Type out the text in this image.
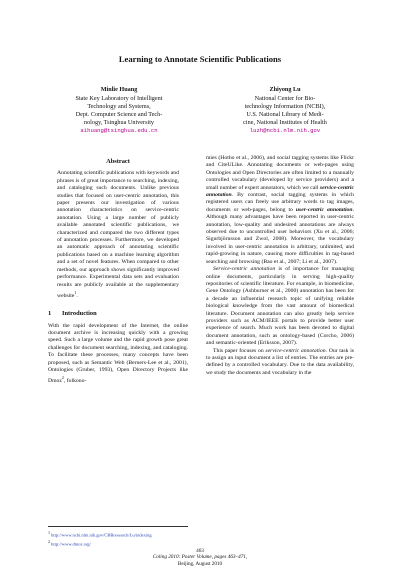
Learning to Annotate Scientific Publications
Minlie Huang
State Key Laboratory of Intelligent
Technology and Systems,
Dept. Computer Science and Tech-
nology, Tsinghua University
aihuang@tsinghua.edu.cn
Zhiyong Lu
National Center for Bio-
technology Information (NCBI),
U.S. National Library of Medi-
cine, National Institutes of Health
luzh@ncbi.nlm.nih.gov
Abstract

Annotating scientific publications with keywords and phrases is of great importance to searching, indexing, and cataloging such documents. Unlike previous studies that focused on user-centric annotation, this paper presents our investigation of various annotation characteristics on service-centric annotation. Using a large number of publicly available annotated scientific publications, we characterized and compared the two different types of annotation processes. Furthermore, we developed an automatic approach of annotating scientific publications based on a machine learning algorithm and a set of novel features. When compared to other methods, our approach shows significantly improved performance. Experimental data sets and evaluation results are publicly available at the supplementary website$^1$.

1 Introduction

With the rapid development of the Internet, the online document archive is increasing quickly with a growing speed. Such a large volume and the rapid growth pose great challenges for document searching, indexing, and cataloging. To facilitate these processes, many concepts have been proposed, such as Semantic Web (Berners-Lee et al., 2001), Ontologies (Gruber, 1993), Open Directory Projects like Dmoz$^2$, folkono-

mies (Hotho et al., 2006), and social tagging systems like Flickr and CiteULike. Annotating documents or web-pages using Ontologies and Open Directories are often limited to a manually controlled vocabulary (developed by service providers) and a small number of expert annotators, which we call service-centric annotation. By contrast, social tagging systems in which registered users can freely use arbitrary words to tag images, documents or web-pages, belong to user-centric annotation. Although many advantages have been reported in user-centric annotation, low-quality and undesired annotations are always observed due to uncontrolled user behaviors (Xu et al., 2006; Sigurbjörnsson and Zwol, 2008). Moreover, the vocabulary involved in user-centric annotation is arbitrary, unlimited, and rapid-growing in nature, causing more difficulties in tag-based searching and browsing (Bao et al., 2007; Li et al., 2007).

Service-centric annotation is of importance for managing online documents, particularly in serving high-quality repositories of scientific literature. For example, in biomedicine, Gene Ontology (Ashburner et al., 2000) annotation has been for a decade an influential research topic of unifying reliable biological knowledge from the vast amount of biomedical literature. Document annotation can also greatly help service providers such as ACM/IEEE portals to provide better user experience of search. Much work has been devoted to digital document annotation, such as ontology-based (Corcho, 2006) and semantic-oriented (Eriksson, 2007).

This paper focuses on service-centric annotation. Our task is to assign an input document a list of entries. The entries are pre-defined by a controlled vocabulary. Due to the data availability, we study the documents and vocabulary in the

$^1$ http://www.ncbi.nlm.nih.gov/CBBresearch/Lu/indexing
$^2$ http://www.dmoz.org/
463
Coling 2010: Poster Volume, pages 463–471,
Beijing, August 2010
